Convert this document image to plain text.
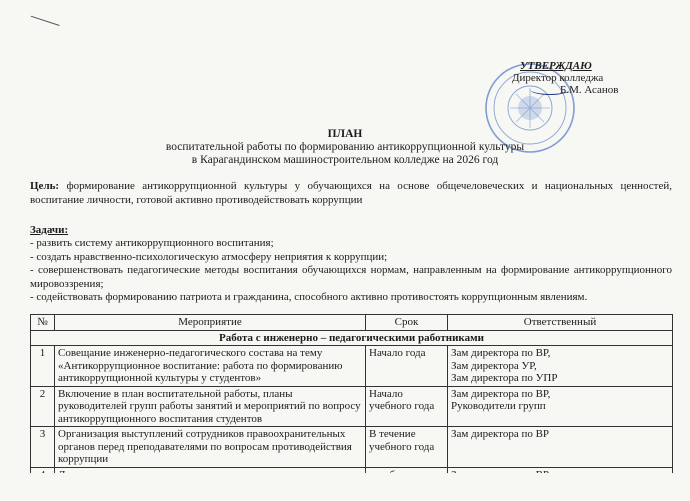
УТВЕРЖДАЮ
Директор колледжа
Б.М. Асанов
ПЛАН
воспитательной работы по формированию антикоррупционной культуры
в Карагандинском машиностроительном колледже на 2026 год
Цель: формирование антикоррупционной культуры у обучающихся на основе общечеловеческих и национальных ценностей, воспитание личности, готовой активно противодействовать коррупции
Задачи:

- развить систему антикоррупционного воспитания;

- создать нравственно-психологическую атмосферу неприятия к коррупции;

- совершенствовать педагогические методы воспитания обучающихся нормам, направленным на формирование антикоррупционного мировоззрения;

- содействовать формированию патриота и гражданина, способного активно противостоять коррупционным явлениям.

№	Мероприятие	Срок	Ответственный
Работа с инженерно – педагогическими работниками			
1	Совещание инженерно-педагогического состава на тему «Антикоррупционное воспитание: работа по формированию антикоррупционной культуры у студентов»	Начало года	Зам директора по ВР,
Зам директора УР,
Зам директора по УПР

2	Включение в план воспитательной работы, планы руководителей групп работы занятий и мероприятий по вопросу антикоррупционного воспитания студентов	Начало учебного года	Зам директора по ВР,
Руководители групп

3	Организация выступлений сотрудников правоохранительных органов перед преподавателями по вопросам противодействия коррупции	В течение учебного года	Зам директора по ВР
